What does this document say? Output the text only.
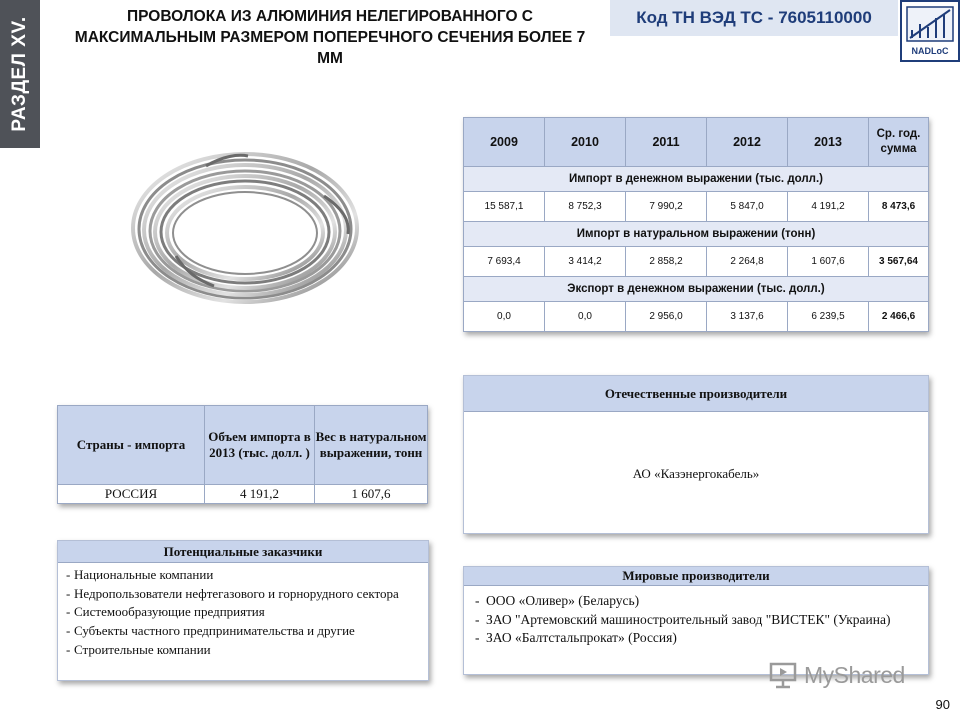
РАЗДЕЛ XV.	ПРОВОЛОКА ИЗ АЛЮМИНИЯ НЕЛЕГИРОВАННОГО С МАКСИМАЛЬНЫМ РАЗМЕРОМ ПОПЕРЕЧНОГО СЕЧЕНИЯ БОЛЕЕ 7 ММ
Код ТН ВЭД ТС - 7605110000
NADLoC
2009	2010	2011	2012	2013	Ср. год. сумма
Импорт в денежном выражении (тыс. долл.)					
15 587,1	8 752,3	7 990,2	5 847,0	4 191,2	8 473,6
Импорт в натуральном выражении (тонн)					
7 693,4	3 414,2	2 858,2	2 264,8	1 607,6	3 567,64
Экспорт в денежном выражении (тыс. долл.)					
0,0	0,0	2 956,0	3 137,6	6 239,5	2 466,6
Страны - импорта	Объем импорта в 2013 (тыс. долл. )	Вес в натуральном выражении, тонн
РОССИЯ	4 191,2	1 607,6
Отечественные производители
АО «Казэнергокабель»
Потенциальные заказчики
- Национальные компании
- Недропользователи нефтегазового и горнорудного сектора
- Системообразующие предприятия
- Субъекты частного предпринимательства и другие
- Строительные компании
Мировые производители
- ООО «Оливер» (Беларусь)
- ЗАО "Артемовский машиностроительный завод "ВИСТЕК" (Украина)
- ЗАО «Балтстальпрокат» (Россия)
MyShared
90
